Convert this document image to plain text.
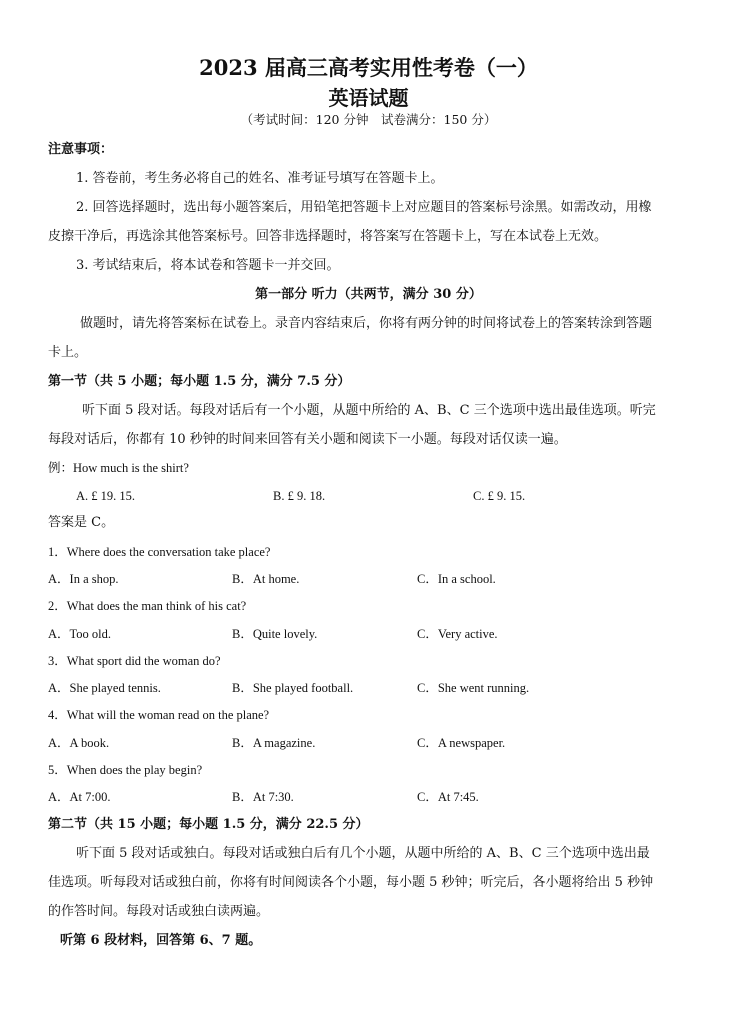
2023 届高三高考实用性考卷（一）
英语试题
（考试时间：120 分钟　试卷满分：150 分）
注意事项：
1. 答卷前，考生务必将自己的姓名、准考证号填写在答题卡上。
2. 回答选择题时，选出每小题答案后，用铅笔把答题卡上对应题目的答案标号涂黑。如需改动，用橡
皮擦干净后，再选涂其他答案标号。回答非选择题时，将答案写在答题卡上，写在本试卷上无效。
3. 考试结束后，将本试卷和答题卡一并交回。
第一部分 听力（共两节，满分 30 分）
做题时，请先将答案标在试卷上。录音内容结束后，你将有两分钟的时间将试卷上的答案转涂到答题
卡上。
第一节（共 5 小题；每小题 1.5 分，满分 7.5 分）
听下面 5 段对话。每段对话后有一个小题，从题中所给的 A、B、C 三个选项中选出最佳选项。听完
每段对话后，你都有 10 秒钟的时间来回答有关小题和阅读下一小题。每段对话仅读一遍。
例：How much is the shirt?
A. £ 19. 15.	B. £ 9. 18.	C. £ 9. 15.
答案是 C。
1．Where does the conversation take place?
A．In a shop.	B．At home.	C．In a school.
2．What does the man think of his cat?
A．Too old.	B．Quite lovely.	C．Very active.
3．What sport did the woman do?
A．She played tennis.	B．She played football.	C．She went running.
4．What will the woman read on the plane?
A．A book.	B．A magazine.	C．A newspaper.
5．When does the play begin?
A．At 7:00.	B．At 7:30.	C．At 7:45.
第二节（共 15 小题；每小题 1.5 分，满分 22.5 分）
听下面 5 段对话或独白。每段对话或独白后有几个小题，从题中所给的 A、B、C 三个选项中选出最
佳选项。听每段对话或独白前，你将有时间阅读各个小题，每小题 5 秒钟；听完后，各小题将给出 5 秒钟
的作答时间。每段对话或独白读两遍。
听第 6 段材料，回答第 6、7 题。
